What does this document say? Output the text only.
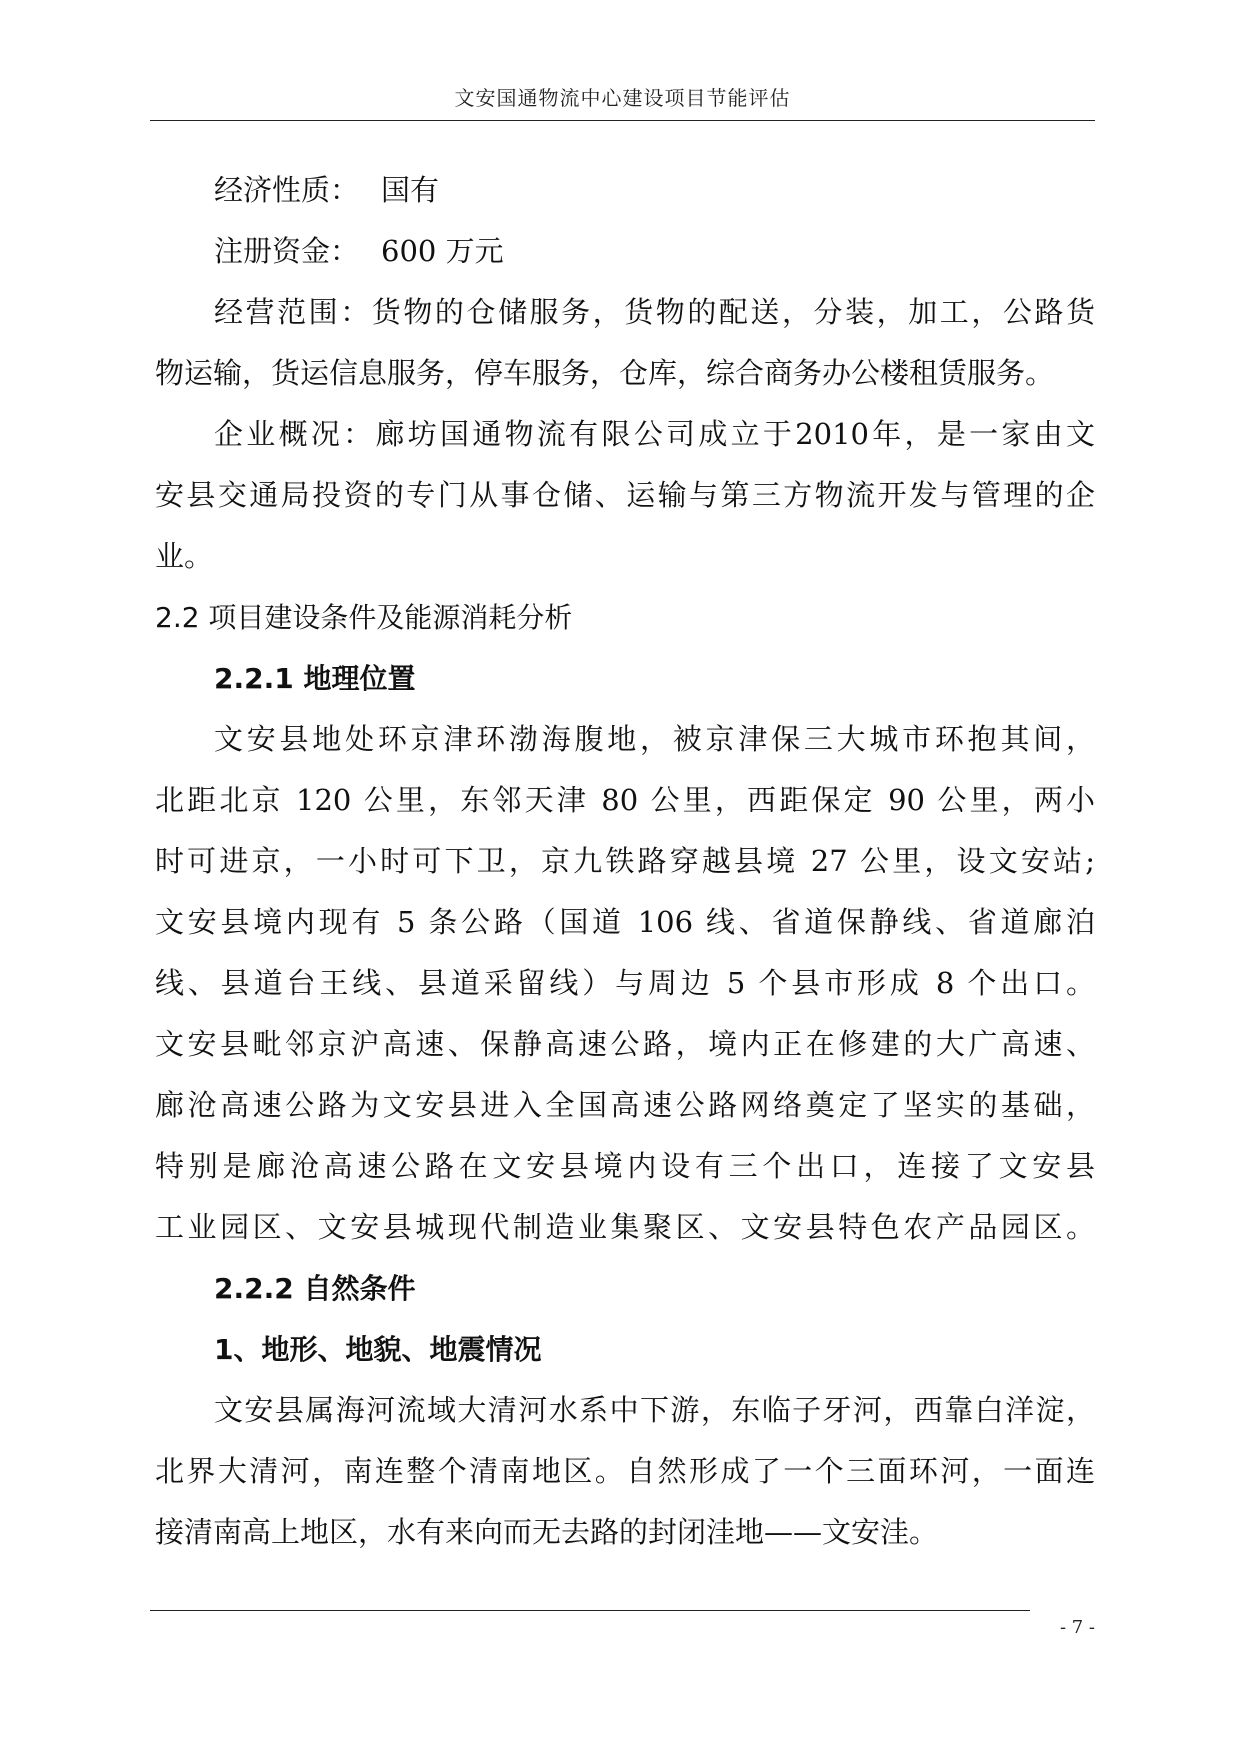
文安国通物流中心建设项目节能评估
经济性质： 国有
注册资金： 600 万元
经营范围：货物的仓储服务，货物的配送，分装，加工，公路货
物运输，货运信息服务，停车服务，仓库，综合商务办公楼租赁服务。
企业概况：廊坊国通物流有限公司成立于2010年，是一家由文
安县交通局投资的专门从事仓储、运输与第三方物流开发与管理的企
业。
2.2 项目建设条件及能源消耗分析
2.2.1 地理位置
文安县地处环京津环渤海腹地，被京津保三大城市环抱其间，
北距北京 120 公里，东邻天津 80 公里，西距保定 90 公里，两小
时可进京，一小时可下卫，京九铁路穿越县境 27 公里，设文安站;
文安县境内现有 5 条公路（国道 106 线、省道保静线、省道廊泊
线、县道台王线、县道采留线）与周边 5 个县市形成 8 个出口。
文安县毗邻京沪高速、保静高速公路，境内正在修建的大广高速、
廊沧高速公路为文安县进入全国高速公路网络奠定了坚实的基础，
特别是廊沧高速公路在文安县境内设有三个出口，连接了文安县
工业园区、文安县城现代制造业集聚区、文安县特色农产品园区。
2.2.2 自然条件
1、地形、地貌、地震情况
文安县属海河流域大清河水系中下游，东临子牙河，西靠白洋淀，
北界大清河，南连整个清南地区。自然形成了一个三面环河，一面连
接清南高上地区，水有来向而无去路的封闭洼地——文安洼。
- 7 -
